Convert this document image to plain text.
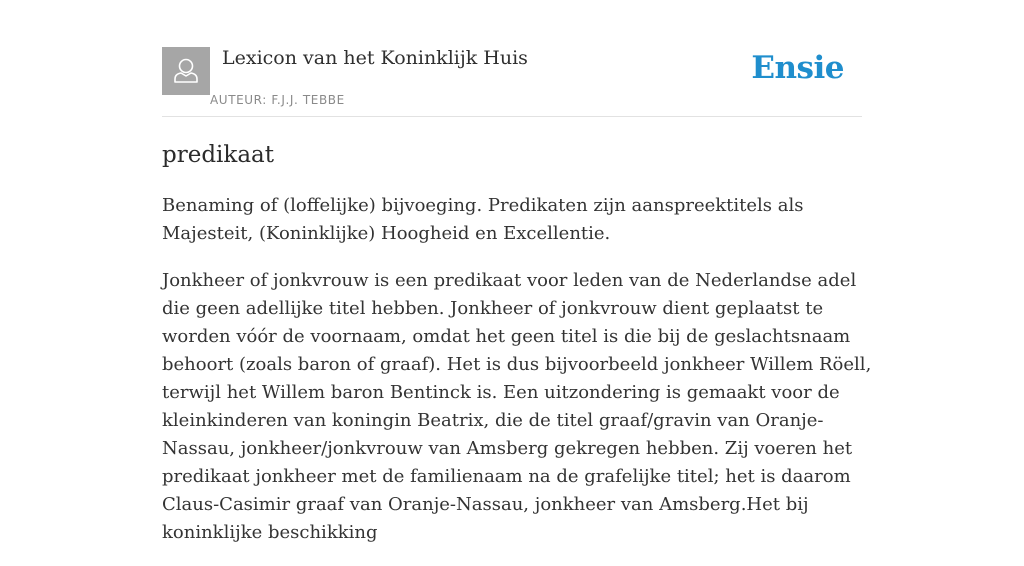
Lexicon van het Koninklijk Huis
AUTEUR: F.J.J. TEBBE
Ensie
predikaat

Benaming of (loffelijke) bijvoeging. Predikaten zijn aanspreektitels als Majesteit, (Koninklijke) Hoogheid en Excellentie.

Jonkheer of jonkvrouw is een predikaat voor leden van de Nederlandse adel die geen adellijke titel hebben. Jonkheer of jonkvrouw dient geplaatst te worden vóór de voornaam, omdat het geen titel is die bij de geslachtsnaam behoort (zoals baron of graaf). Het is dus bijvoorbeeld jonkheer Willem Röell, terwijl het Willem baron Bentinck is. Een uitzondering is gemaakt voor de kleinkinderen van koningin Beatrix, die de titel graaf/gravin van Oranje-Nassau, jonkheer/jonkvrouw van Amsberg gekregen hebben. Zij voeren het predikaat jonkheer met de familienaam na de grafelijke titel; het is daarom Claus-Casimir graaf van Oranje-Nassau, jonkheer van Amsberg.Het bij koninklijke beschikking
